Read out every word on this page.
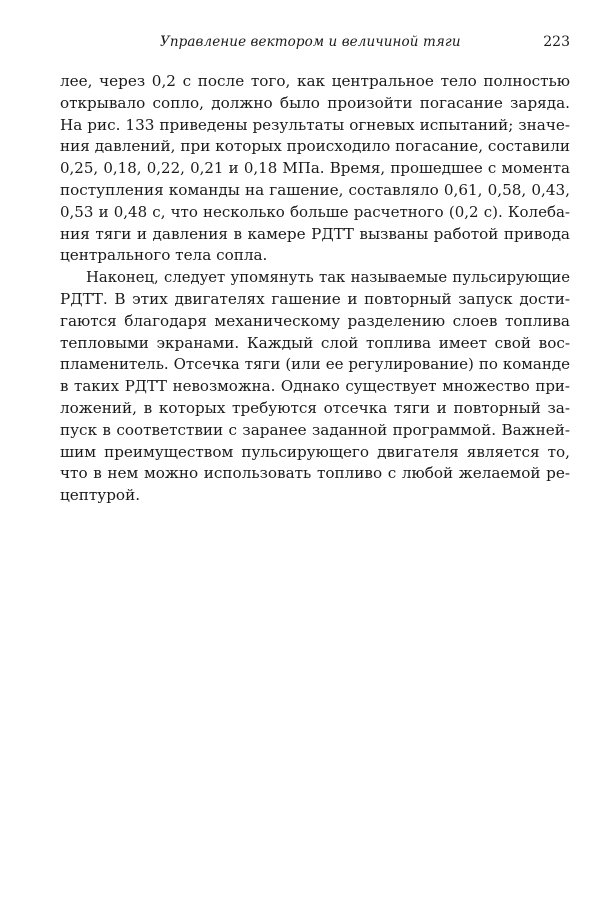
Управление вектором и величиной тяги	223
лее, через 0,2 с после того, как центральное тело полностью
открывало сопло, должно было произойти погасание заряда.
На рис. 133 приведены результаты огневых испытаний; значе-
ния давлений, при которых происходило погасание, составили
0,25, 0,18, 0,22, 0,21 и 0,18 МПа. Время, прошедшее с момента
поступления команды на гашение, составляло 0,61, 0,58, 0,43,
0,53 и 0,48 с, что несколько больше расчетного (0,2 с). Колеба-
ния тяги и давления в камере РДТТ вызваны работой привода
центрального тела сопла.
Наконец, следует упомянуть так называемые пульсирующие
РДТТ. В этих двигателях гашение и повторный запуск дости-
гаются благодаря механическому разделению слоев топлива
тепловыми экранами. Каждый слой топлива имеет свой вос-
пламенитель. Отсечка тяги (или ее регулирование) по команде
в таких РДТТ невозможна. Однако существует множество при-
ложений, в которых требуются отсечка тяги и повторный за-
пуск в соответствии с заранее заданной программой. Важней-
шим преимуществом пульсирующего двигателя является то,
что в нем можно использовать топливо с любой желаемой ре-
цептурой.
